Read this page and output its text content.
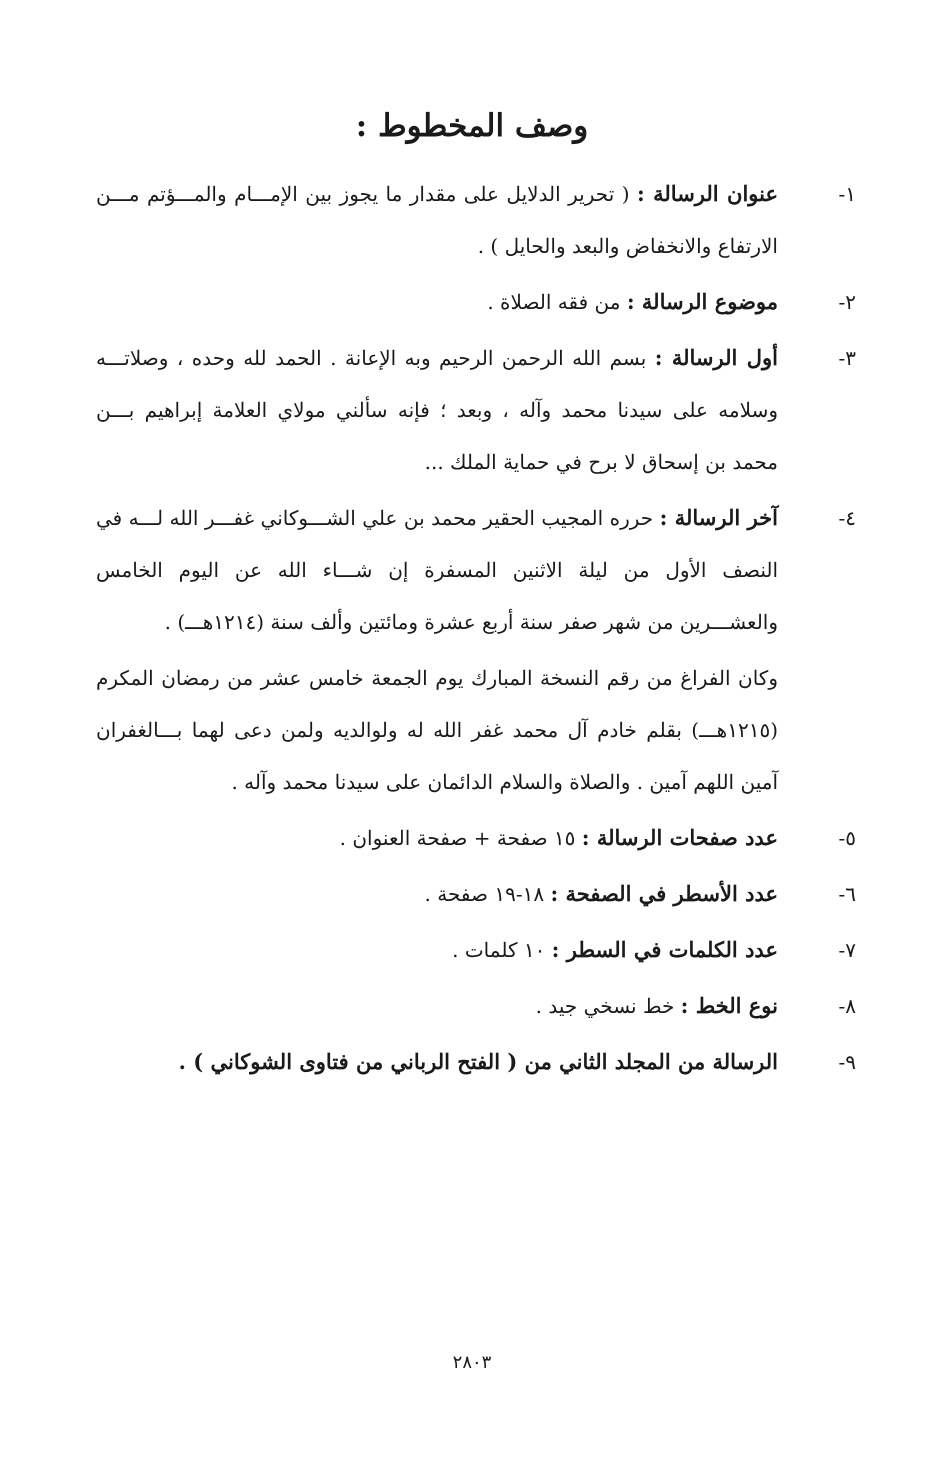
وصف المخطوط :
١-
عنوان الرسالة : ( تحرير الدلايل على مقدار ما يجوز بين الإمـــام والمـــؤتم مـــن الارتفاع والانخفاض والبعد والحايل ) .
٢-
موضوع الرسالة : من فقه الصلاة .
٣-
أول الرسالة : بسم الله الرحمن الرحيم وبه الإعانة . الحمد لله وحده ، وصلاتـــه وسلامه على سيدنا محمد وآله ، وبعد ؛ فإنه سألني مولاي العلامة إبراهيم بـــن محمد بن إسحاق لا برح في حماية الملك ...
٤-
آخر الرسالة : حرره المجيب الحقير محمد بن علي الشـــوكاني غفـــر الله لـــه في النصف الأول من ليلة الاثنين المسفرة إن شـــاء الله عن اليوم الخامس والعشـــرين من شهر صفر سنة أربع عشرة ومائتين وألف سنة (١٢١٤هـــ) .
وكان الفراغ من رقم النسخة المبارك يوم الجمعة خامس عشر من رمضان المكرم (١٢١٥هـــ) بقلم خادم آل محمد غفر الله له ولوالديه ولمن دعى لهما بـــالغفران آمين اللهم آمين . والصلاة والسلام الدائمان على سيدنا محمد وآله .
٥-
عدد صفحات الرسالة : ١٥ صفحة + صفحة العنوان .
٦-
عدد الأسطر في الصفحة : ١٨-١٩ صفحة .
٧-
عدد الكلمات في السطر : ١٠ كلمات .
٨-
نوع الخط : خط نسخي جيد .
٩-
الرسالة من المجلد الثاني من ( الفتح الرباني من فتاوى الشوكاني ) .
٢٨٠٣
